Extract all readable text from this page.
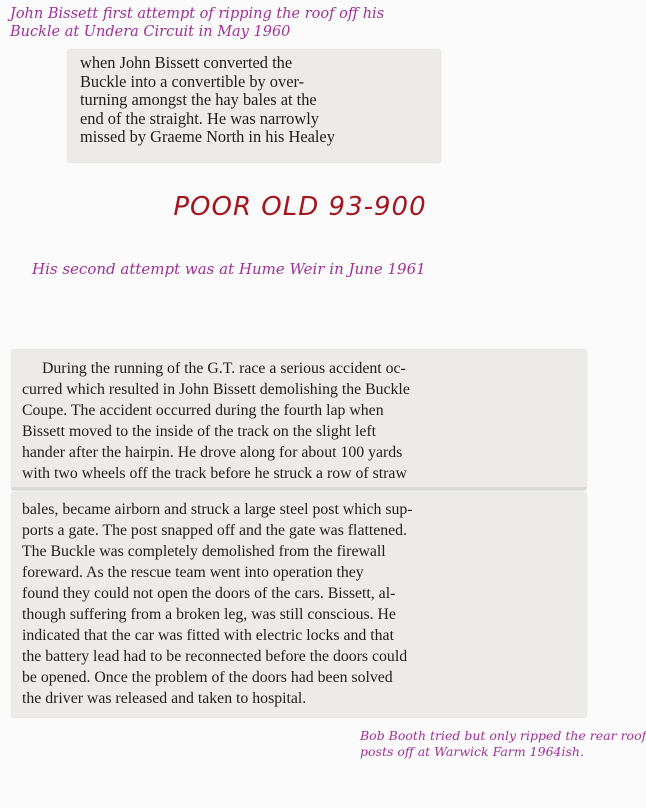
John Bissett first attempt of ripping the roof off his
Buckle at Undera Circuit in May 1960

when John Bissett converted the

Buckle into a convertible by over-

turning amongst the hay bales at the

end of the straight. He was narrowly

missed by Graeme North in his Healey

POOR OLD 93-900
His second attempt was at Hume Weir in June 1961

During the running of the G.T. race a serious accident oc-

curred which resulted in John Bissett demolishing the Buckle

Coupe. The accident occurred during the fourth lap when

Bissett moved to the inside of the track on the slight left

hander after the hairpin. He drove along for about 100 yards

with two wheels off the track before he struck a row of straw

bales, became airborn and struck a large steel post which sup-

ports a gate. The post snapped off and the gate was flattened.

The Buckle was completely demolished from the firewall

foreward. As the rescue team went into operation they

found they could not open the doors of the cars. Bissett, al-

though suffering from a broken leg, was still conscious. He

indicated that the car was fitted with electric locks and that

the battery lead had to be reconnected before the doors could

be opened. Once the problem of the doors had been solved

the driver was released and taken to hospital.

Bob Booth tried but only ripped the rear roof
posts off at Warwick Farm 1964ish.
